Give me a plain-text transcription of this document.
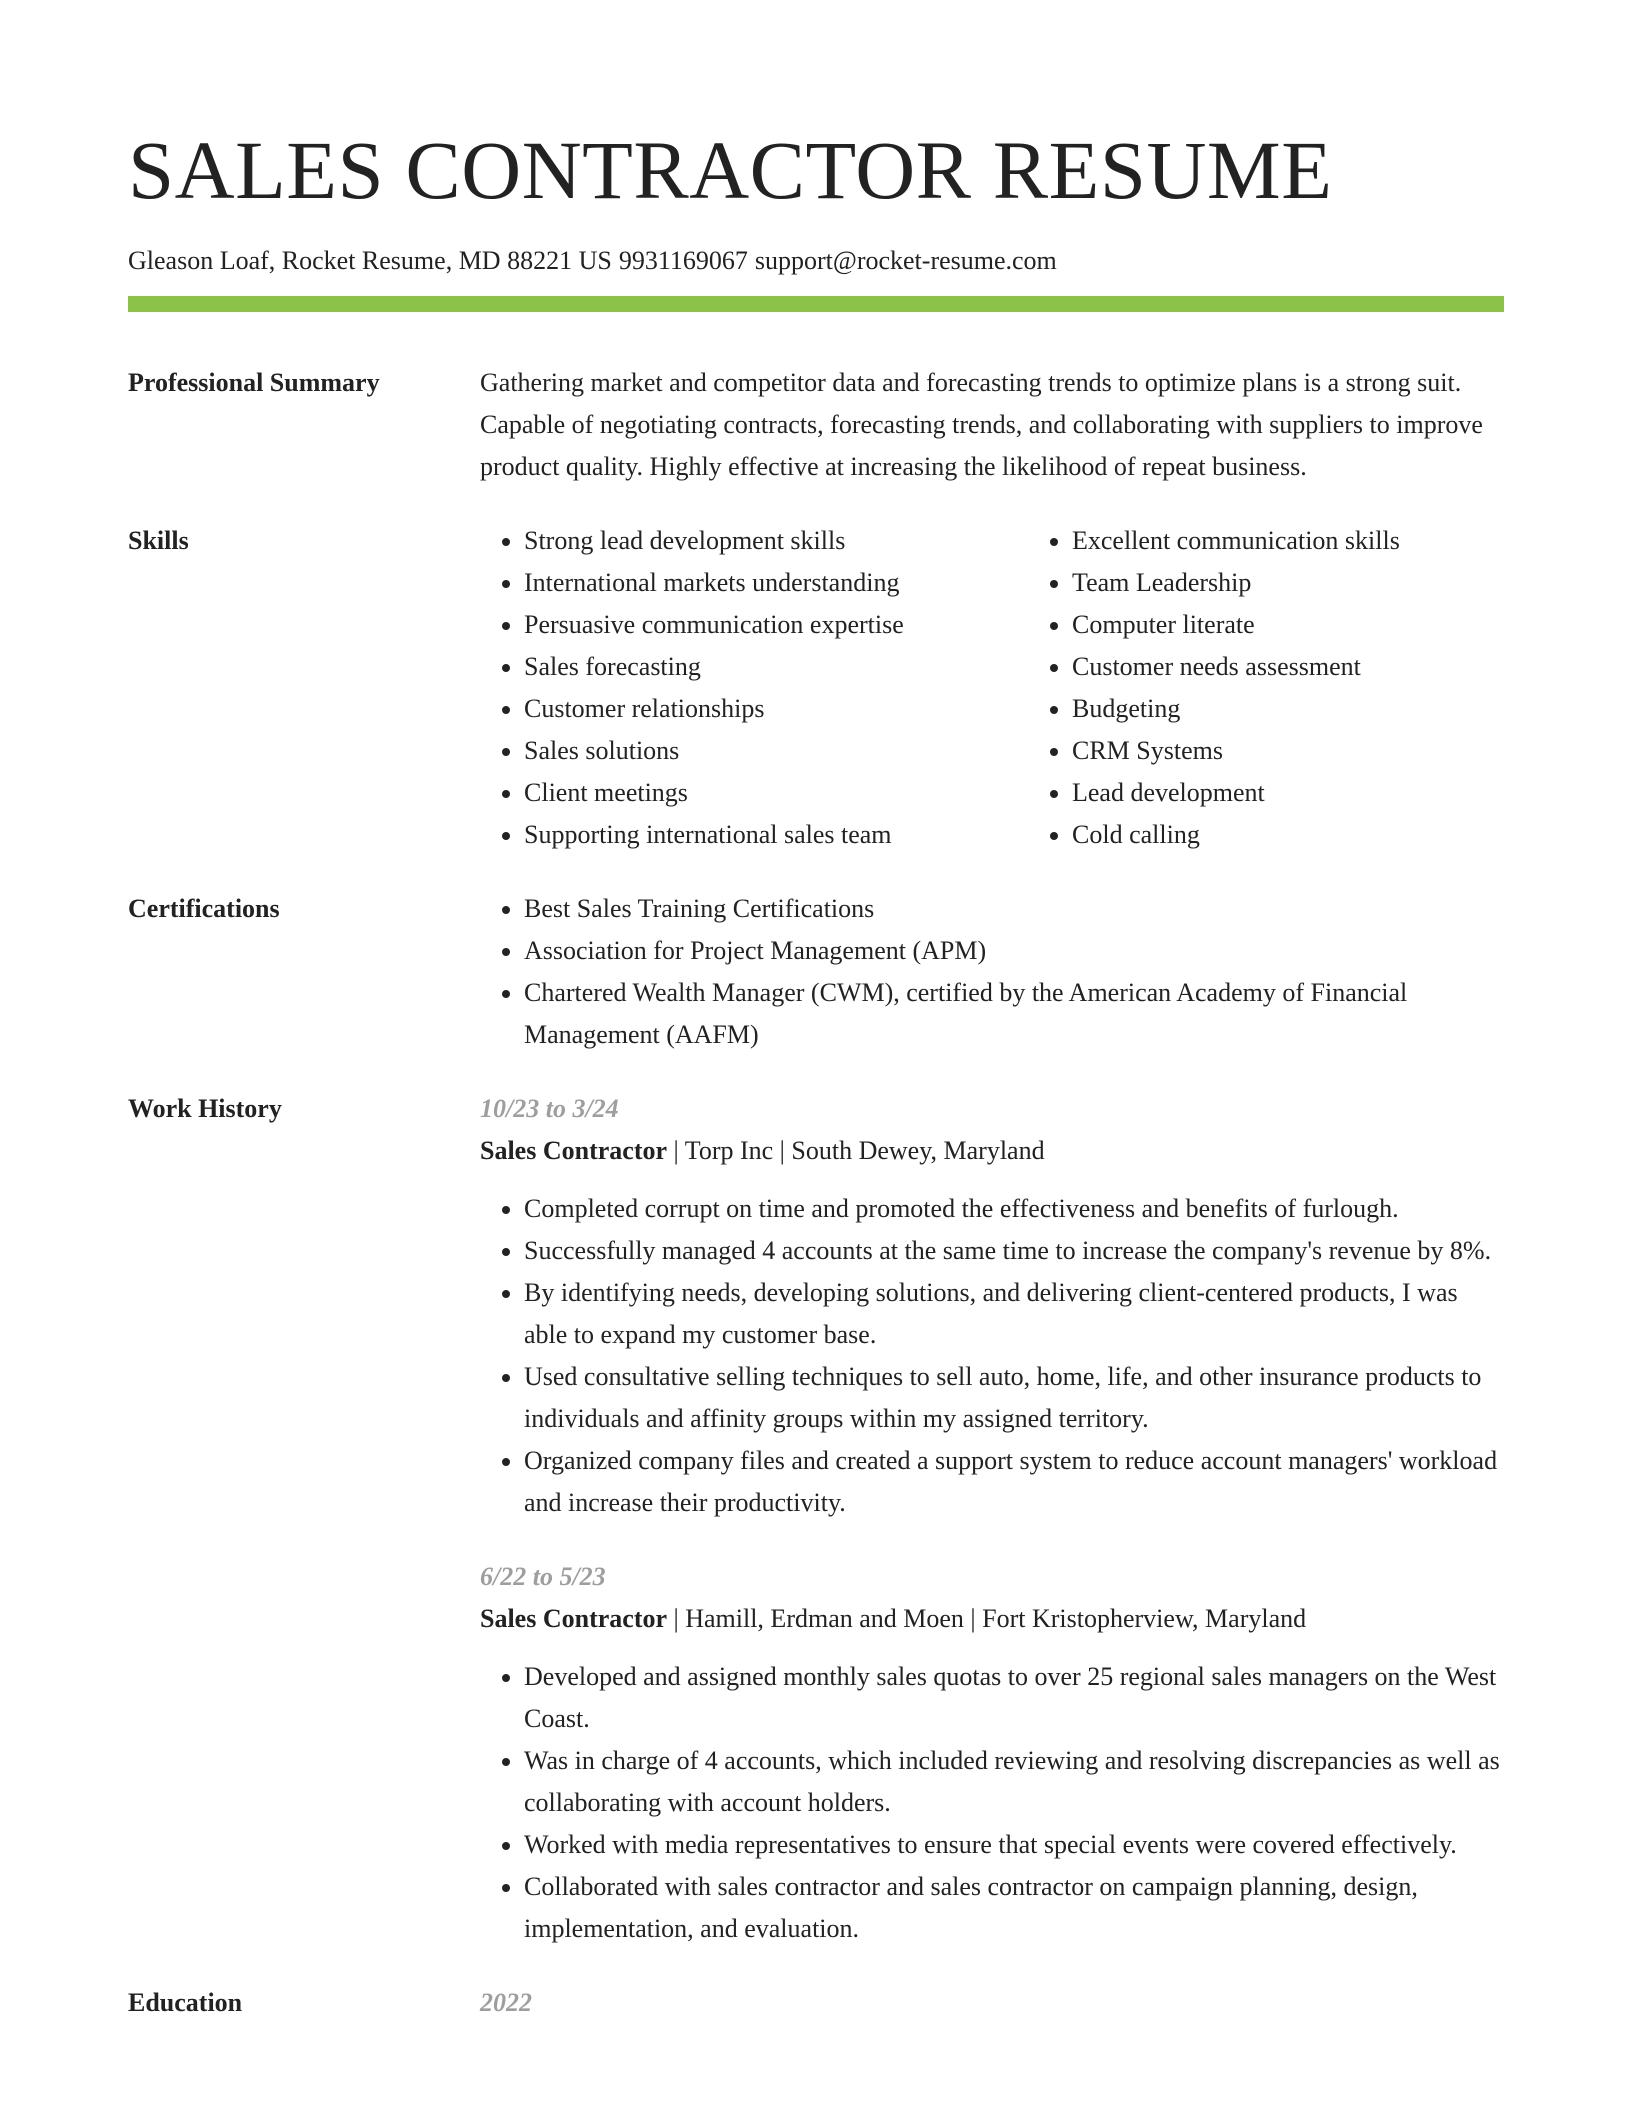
SALES CONTRACTOR RESUME
Gleason Loaf, Rocket Resume, MD 88221 US 9931169067 support@rocket-resume.com
Professional Summary	Gathering market and competitor data and forecasting trends to optimize plans is a strong suit. Capable of negotiating contracts, forecasting trends, and collaborating with suppliers to improve product quality. Highly effective at increasing the likelihood of repeat business.

Skills	• Strong lead development skills
• International markets understanding
• Persuasive communication expertise
• Sales forecasting
• Customer relationships
• Sales solutions
• Client meetings
• Supporting international sales team
• Excellent communication skills
• Team Leadership
• Computer literate
• Customer needs assessment
• Budgeting
• CRM Systems
• Lead development
• Cold calling
Certifications	• Best Sales Training Certifications
• Association for Project Management (APM)
• Chartered Wealth Manager (CWM), certified by the American Academy of Financial Management (AAFM)
Work History	10/23 to 3/24
Sales Contractor | Torp Inc | South Dewey, Maryland
• Completed corrupt on time and promoted the effectiveness and benefits of furlough.
• Successfully managed 4 accounts at the same time to increase the company's revenue by 8%.
• By identifying needs, developing solutions, and delivering client-centered products, I was able to expand my customer base.
• Used consultative selling techniques to sell auto, home, life, and other insurance products to individuals and affinity groups within my assigned territory.
• Organized company files and created a support system to reduce account managers' workload and increase their productivity.
6/22 to 5/23
Sales Contractor | Hamill, Erdman and Moen | Fort Kristopherview, Maryland
• Developed and assigned monthly sales quotas to over 25 regional sales managers on the West Coast.
• Was in charge of 4 accounts, which included reviewing and resolving discrepancies as well as collaborating with account holders.
• Worked with media representatives to ensure that special events were covered effectively.
• Collaborated with sales contractor and sales contractor on campaign planning, design, implementation, and evaluation.
Education	2022
